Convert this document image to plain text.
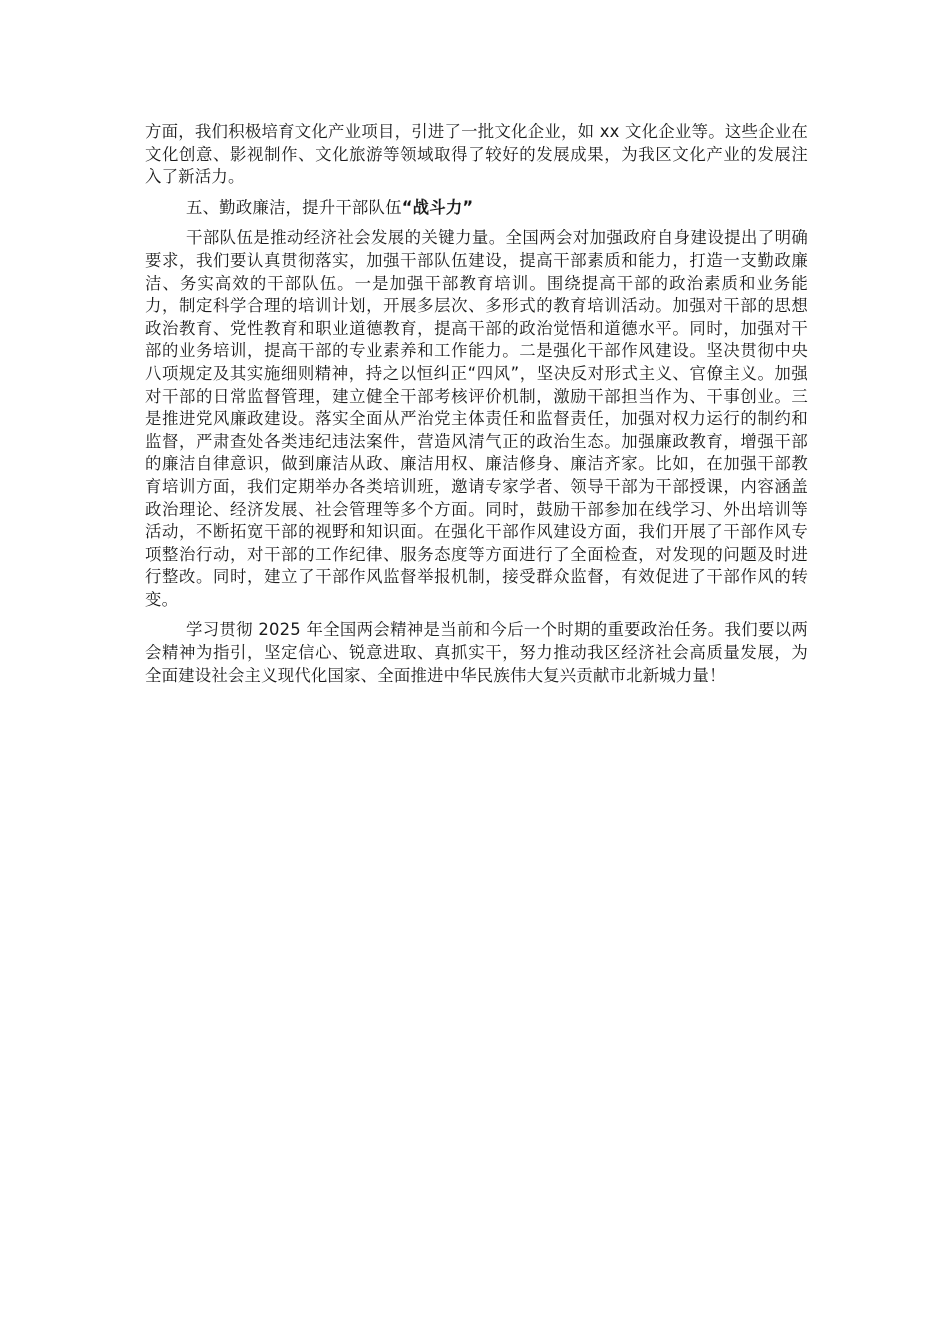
方面，我们积极培育文化产业项目，引进了一批文化企业，如 xx 文化企业等。这些企业在文化创意、影视制作、文化旅游等领域取得了较好的发展成果，为我区文化产业的发展注入了新活力。

五、勤政廉洁，提升干部队伍“战斗力”

干部队伍是推动经济社会发展的关键力量。全国两会对加强政府自身建设提出了明确要求，我们要认真贯彻落实，加强干部队伍建设，提高干部素质和能力，打造一支勤政廉洁、务实高效的干部队伍。一是加强干部教育培训。围绕提高干部的政治素质和业务能力，制定科学合理的培训计划，开展多层次、多形式的教育培训活动。加强对干部的思想政治教育、党性教育和职业道德教育，提高干部的政治觉悟和道德水平。同时，加强对干部的业务培训，提高干部的专业素养和工作能力。二是强化干部作风建设。坚决贯彻中央八项规定及其实施细则精神，持之以恒纠正“四风”，坚决反对形式主义、官僚主义。加强对干部的日常监督管理，建立健全干部考核评价机制，激励干部担当作为、干事创业。三是推进党风廉政建设。落实全面从严治党主体责任和监督责任，加强对权力运行的制约和监督，严肃查处各类违纪违法案件，营造风清气正的政治生态。加强廉政教育，增强干部的廉洁自律意识，做到廉洁从政、廉洁用权、廉洁修身、廉洁齐家。比如，在加强干部教育培训方面，我们定期举办各类培训班，邀请专家学者、领导干部为干部授课，内容涵盖政治理论、经济发展、社会管理等多个方面。同时，鼓励干部参加在线学习、外出培训等活动，不断拓宽干部的视野和知识面。在强化干部作风建设方面，我们开展了干部作风专项整治行动，对干部的工作纪律、服务态度等方面进行了全面检查，对发现的问题及时进行整改。同时，建立了干部作风监督举报机制，接受群众监督，有效促进了干部作风的转变。

学习贯彻 2025 年全国两会精神是当前和今后一个时期的重要政治任务。我们要以两会精神为指引，坚定信心、锐意进取、真抓实干，努力推动我区经济社会高质量发展，为全面建设社会主义现代化国家、全面推进中华民族伟大复兴贡献市北新城力量！
